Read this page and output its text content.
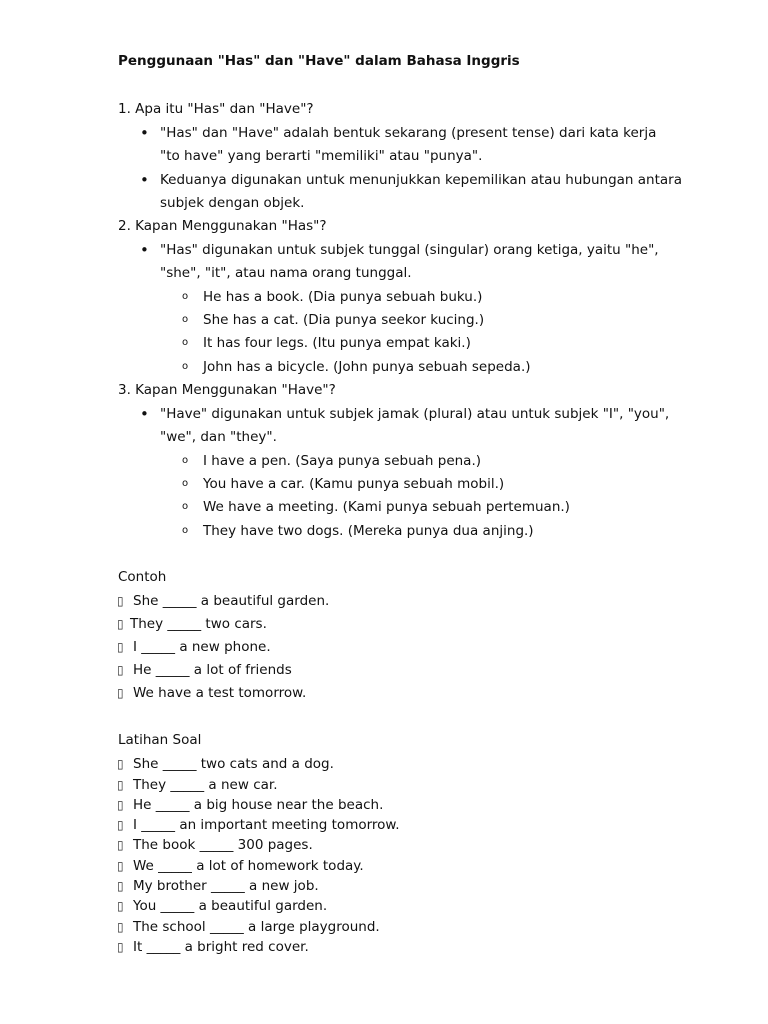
Penggunaan "Has" dan "Have" dalam Bahasa Inggris
1. Apa itu "Has" dan "Have"?
• "Has" dan "Have" adalah bentuk sekarang (present tense) dari kata kerja
"to have" yang berarti "memiliki" atau "punya".
• Keduanya digunakan untuk menunjukkan kepemilikan atau hubungan antara
subjek dengan objek.
2. Kapan Menggunakan "Has"?
• "Has" digunakan untuk subjek tunggal (singular) orang ketiga, yaitu "he",
"she", "it", atau nama orang tunggal.
o He has a book. (Dia punya sebuah buku.)
o She has a cat. (Dia punya seekor kucing.)
o It has four legs. (Itu punya empat kaki.)
o John has a bicycle. (John punya sebuah sepeda.)
3. Kapan Menggunakan "Have"?
• "Have" digunakan untuk subjek jamak (plural) atau untuk subjek "I", "you",
"we", dan "they".
o I have a pen. (Saya punya sebuah pena.)
o You have a car. (Kamu punya sebuah mobil.)
o We have a meeting. (Kami punya sebuah pertemuan.)
o They have two dogs. (Mereka punya dua anjing.)
Contoh
▯ She _____ a beautiful garden.
▯ They _____ two cars.
▯ I _____ a new phone.
▯ He _____ a lot of friends
▯ We have a test tomorrow.
Latihan Soal
▯ She _____ two cats and a dog.
▯ They _____ a new car.
▯ He _____ a big house near the beach.
▯ I _____ an important meeting tomorrow.
▯ The book _____ 300 pages.
▯ We _____ a lot of homework today.
▯ My brother _____ a new job.
▯ You _____ a beautiful garden.
▯ The school _____ a large playground.
▯ It _____ a bright red cover.
